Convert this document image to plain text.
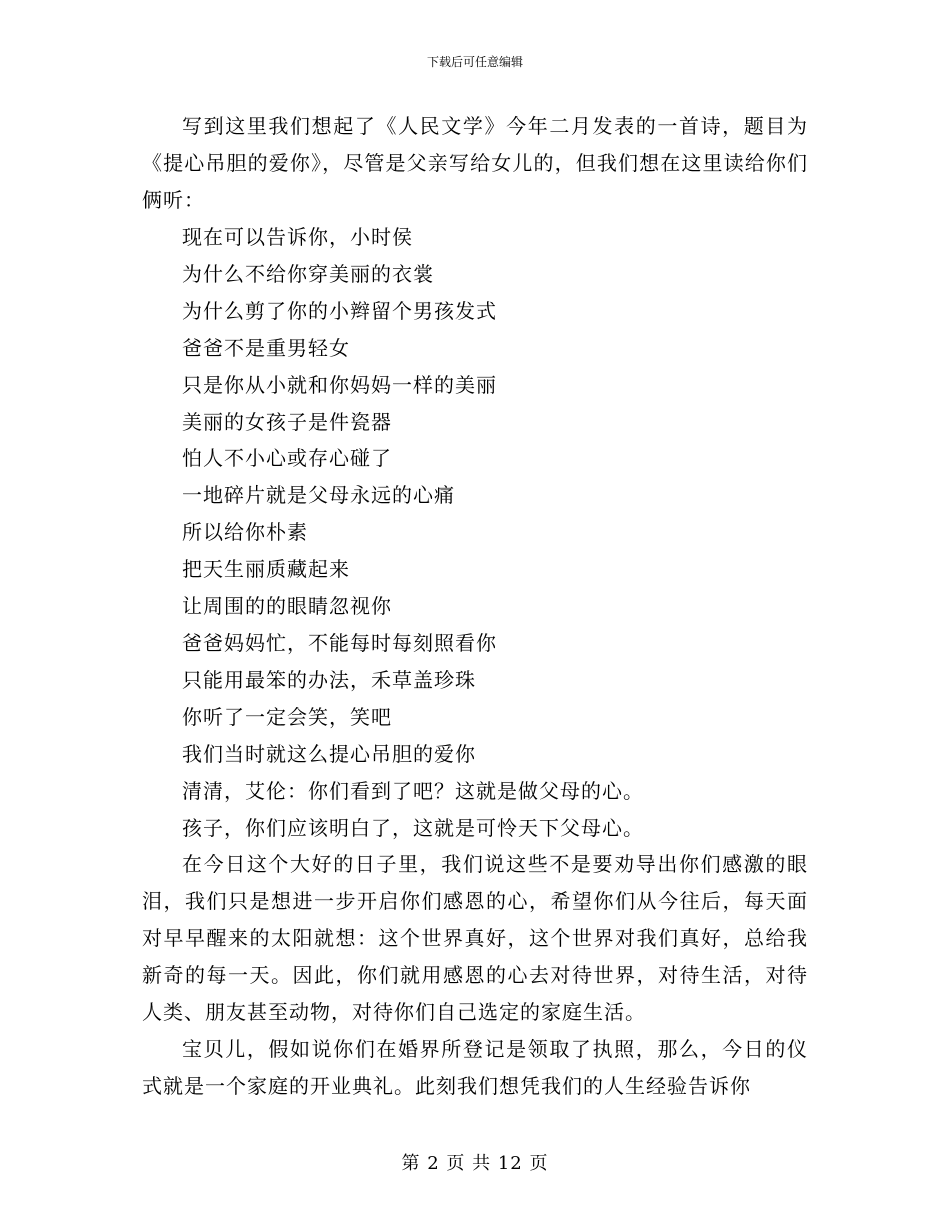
下载后可任意编辑

写到这里我们想起了《人民文学》今年二月发表的一首诗，题目为《提心吊胆的爱你》，尽管是父亲写给女儿的，但我们想在这里读给你们俩听：

现在可以告诉你，小时侯

为什么不给你穿美丽的衣裳

为什么剪了你的小辫留个男孩发式

爸爸不是重男轻女

只是你从小就和你妈妈一样的美丽

美丽的女孩子是件瓷器

怕人不小心或存心碰了

一地碎片就是父母永远的心痛

所以给你朴素

把天生丽质藏起来

让周围的的眼睛忽视你

爸爸妈妈忙，不能每时每刻照看你

只能用最笨的办法，禾草盖珍珠

你听了一定会笑，笑吧

我们当时就这么提心吊胆的爱你

清清，艾伦：你们看到了吧？这就是做父母的心。

孩子，你们应该明白了，这就是可怜天下父母心。

在今日这个大好的日子里，我们说这些不是要劝导出你们感激的眼泪，我们只是想进一步开启你们感恩的心，希望你们从今往后，每天面对早早醒来的太阳就想：这个世界真好，这个世界对我们真好，总给我新奇的每一天。因此，你们就用感恩的心去对待世界，对待生活，对待人类、朋友甚至动物，对待你们自己选定的家庭生活。

宝贝儿，假如说你们在婚界所登记是领取了执照，那么，今日的仪式就是一个家庭的开业典礼。此刻我们想凭我们的人生经验告诉你

第 2 页 共 12 页
